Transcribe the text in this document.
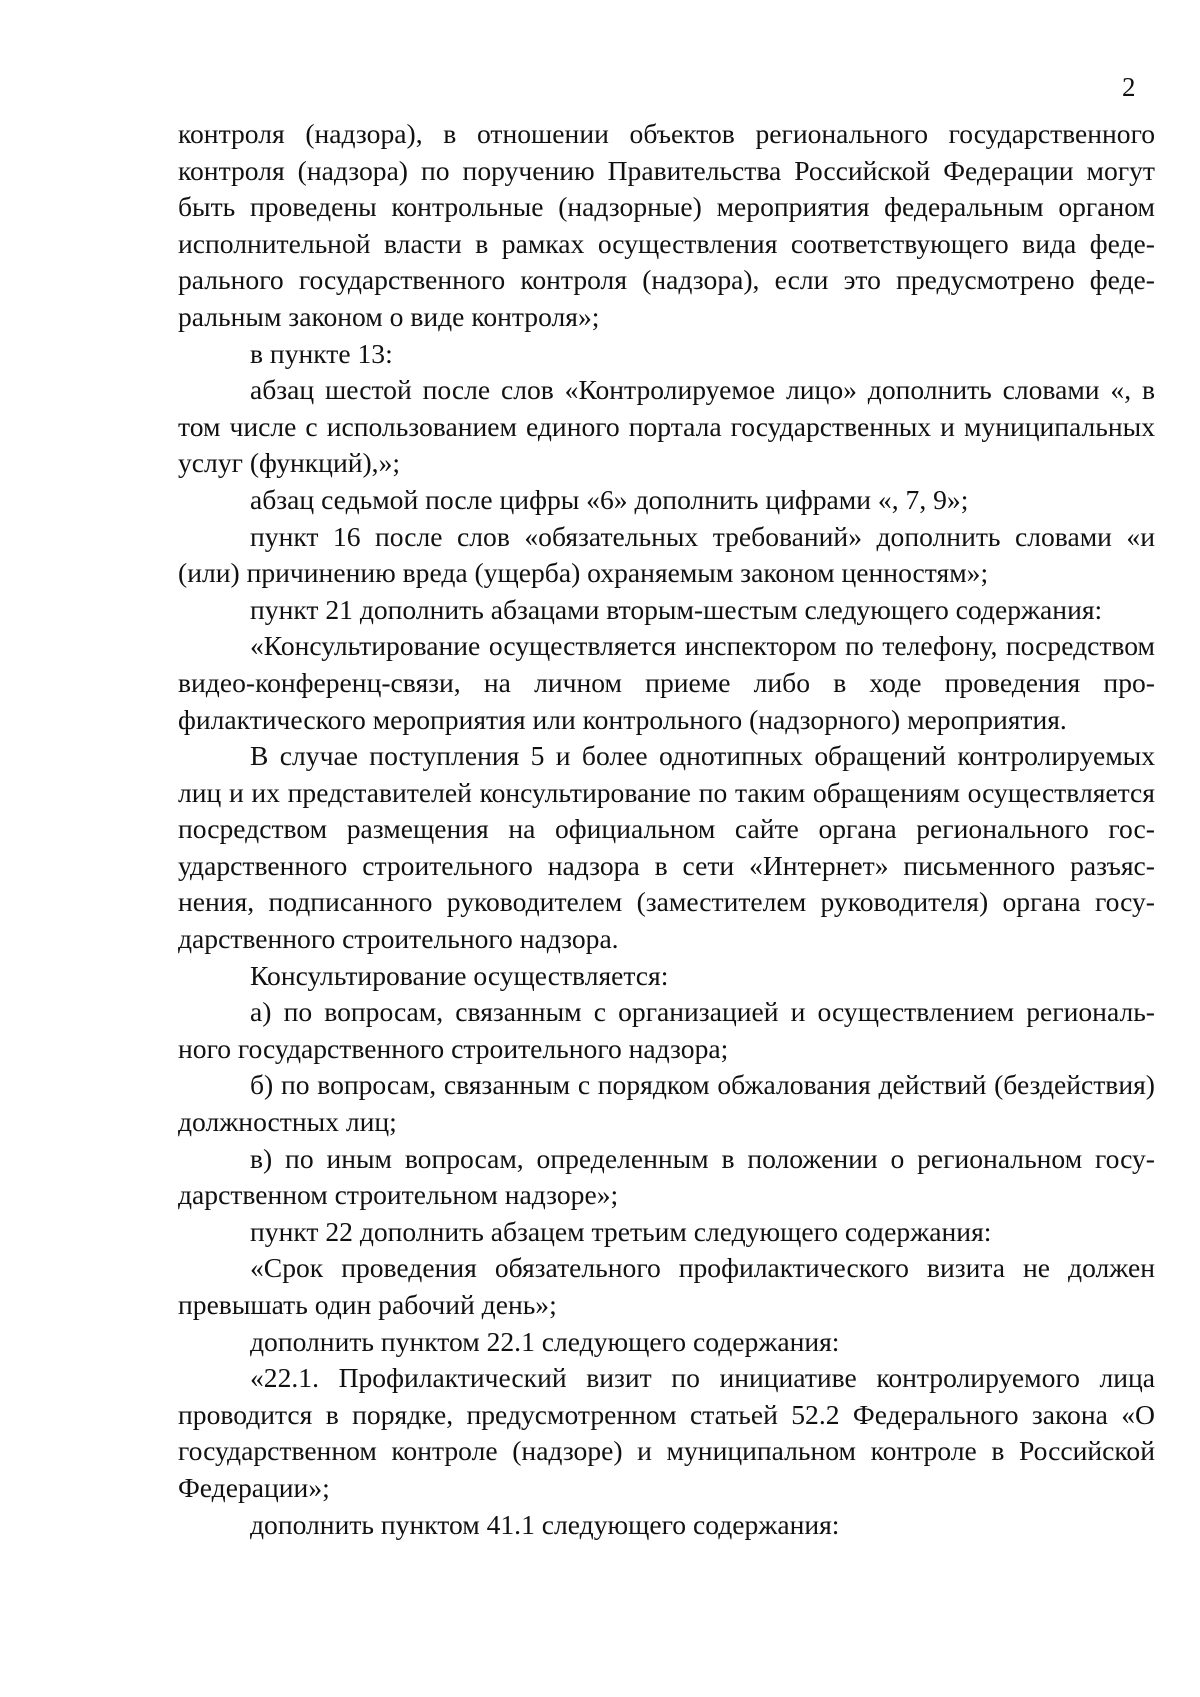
2

контроля (надзора), в отношении объектов регионального государственного контроля (надзора) по поручению Правительства Российской Федерации могут быть проведены контрольные (надзорные) мероприятия федеральным органом исполнительной власти в рамках осуществления соответствующего вида федерального государственного контроля (надзора), если это предусмотрено федеральным законом о виде контроля»;

в пункте 13:

абзац шестой после слов «Контролируемое лицо» дополнить словами «, в том числе с использованием единого портала государственных и муниципальных услуг (функций),»;

абзац седьмой после цифры «6» дополнить цифрами «, 7, 9»;

пункт 16 после слов «обязательных требований» дополнить словами «и (или) причинению вреда (ущерба) охраняемым законом ценностям»;

пункт 21 дополнить абзацами вторым-шестым следующего содержания:

«Консультирование осуществляется инспектором по телефону, посредством видео-конференц-связи, на личном приеме либо в ходе проведения профилактического мероприятия или контрольного (надзорного) мероприятия.

В случае поступления 5 и более однотипных обращений контролируемых лиц и их представителей консультирование по таким обращениям осуществляется посредством размещения на официальном сайте органа регионального государственного строительного надзора в сети «Интернет» письменного разъяснения, подписанного руководителем (заместителем руководителя) органа государственного строительного надзора.

Консультирование осуществляется:

а) по вопросам, связанным с организацией и осуществлением регионального государственного строительного надзора;

б) по вопросам, связанным с порядком обжалования действий (бездействия) должностных лиц;

в) по иным вопросам, определенным в положении о региональном государственном строительном надзоре»;

пункт 22 дополнить абзацем третьим следующего содержания:

«Срок проведения обязательного профилактического визита не должен превышать один рабочий день»;

дополнить пунктом 22.1 следующего содержания:

«22.1. Профилактический визит по инициативе контролируемого лица проводится в порядке, предусмотренном статьей 52.2 Федерального закона «О государственном контроле (надзоре) и муниципальном контроле в Российской Федерации»;

дополнить пунктом 41.1 следующего содержания:
